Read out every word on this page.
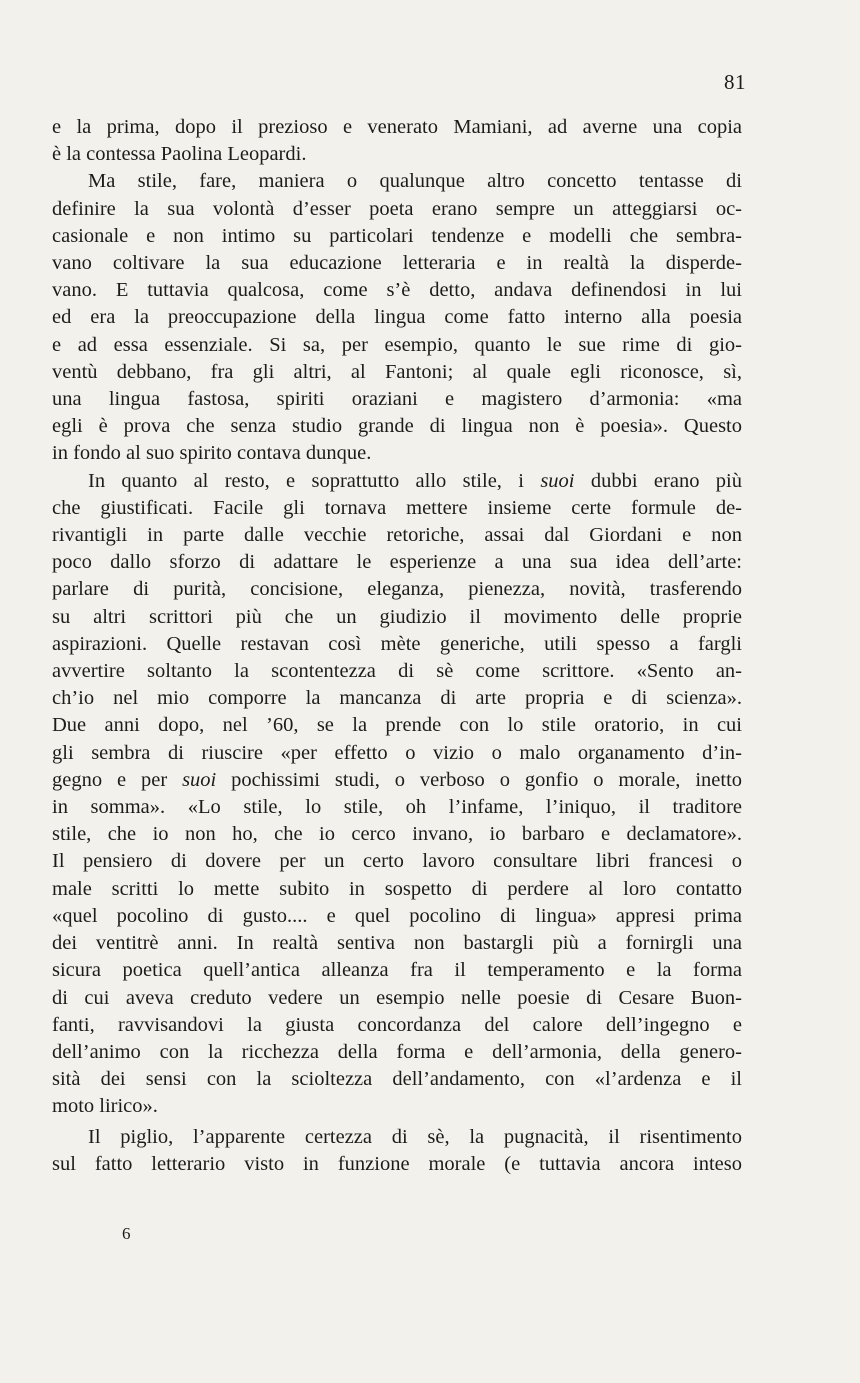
81
e la prima, dopo il prezioso e venerato Mamiani, ad averne una copia
è la contessa Paolina Leopardi.
Ma stile, fare, maniera o qualunque altro concetto tentasse di
definire la sua volontà d’esser poeta erano sempre un atteggiarsi oc-
casionale e non intimo su particolari tendenze e modelli che sembra-
vano coltivare la sua educazione letteraria e in realtà la disperde-
vano. E tuttavia qualcosa, come s’è detto, andava definendosi in lui
ed era la preoccupazione della lingua come fatto interno alla poesia
e ad essa essenziale. Si sa, per esempio, quanto le sue rime di gio-
ventù debbano, fra gli altri, al Fantoni; al quale egli riconosce, sì,
una lingua fastosa, spiriti oraziani e magistero d’armonia: «ma
egli è prova che senza studio grande di lingua non è poesia». Questo
in fondo al suo spirito contava dunque.
In quanto al resto, e soprattutto allo stile, i suoi dubbi erano più
che giustificati. Facile gli tornava mettere insieme certe formule de-
rivantigli in parte dalle vecchie retoriche, assai dal Giordani e non
poco dallo sforzo di adattare le esperienze a una sua idea dell’arte:
parlare di purità, concisione, eleganza, pienezza, novità, trasferendo
su altri scrittori più che un giudizio il movimento delle proprie
aspirazioni. Quelle restavan così mète generiche, utili spesso a fargli
avvertire soltanto la scontentezza di sè come scrittore. «Sento an-
ch’io nel mio comporre la mancanza di arte propria e di scienza».
Due anni dopo, nel ’60, se la prende con lo stile oratorio, in cui
gli sembra di riuscire «per effetto o vizio o malo organamento d’in-
gegno e per suoi pochissimi studi, o verboso o gonfio o morale, inetto
in somma». «Lo stile, lo stile, oh l’infame, l’iniquo, il traditore
stile, che io non ho, che io cerco invano, io barbaro e declamatore».
Il pensiero di dovere per un certo lavoro consultare libri francesi o
male scritti lo mette subito in sospetto di perdere al loro contatto
«quel pocolino di gusto.... e quel pocolino di lingua» appresi prima
dei ventitrè anni. In realtà sentiva non bastargli più a fornirgli una
sicura poetica quell’antica alleanza fra il temperamento e la forma
di cui aveva creduto vedere un esempio nelle poesie di Cesare Buon-
fanti, ravvisandovi la giusta concordanza del calore dell’ingegno e
dell’animo con la ricchezza della forma e dell’armonia, della genero-
sità dei sensi con la scioltezza dell’andamento, con «l’ardenza e il
moto lirico».
Il piglio, l’apparente certezza di sè, la pugnacità, il risentimento
sul fatto letterario visto in funzione morale (e tuttavia ancora inteso
6
